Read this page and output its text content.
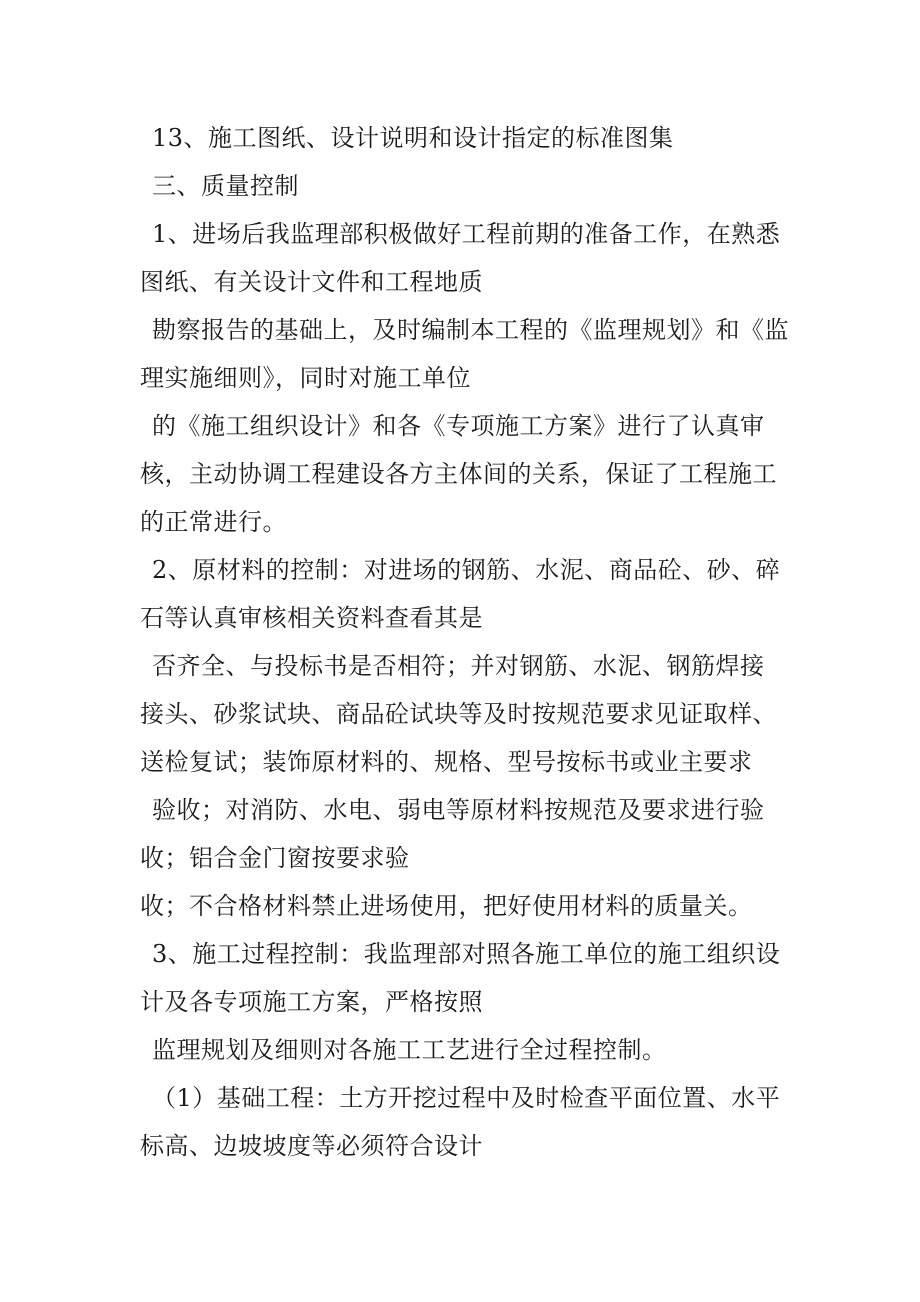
13、施工图纸、设计说明和设计指定的标准图集
三、质量控制
1、进场后我监理部积极做好工程前期的准备工作，在熟悉
图纸、有关设计文件和工程地质
勘察报告的基础上，及时编制本工程的《监理规划》和《监
理实施细则》，同时对施工单位
的《施工组织设计》和各《专项施工方案》进行了认真审
核，主动协调工程建设各方主体间的关系，保证了工程施工
的正常进行。
2、原材料的控制：对进场的钢筋、水泥、商品砼、砂、碎
石等认真审核相关资料查看其是
否齐全、与投标书是否相符；并对钢筋、水泥、钢筋焊接
接头、砂浆试块、商品砼试块等及时按规范要求见证取样、
送检复试；装饰原材料的、规格、型号按标书或业主要求
验收；对消防、水电、弱电等原材料按规范及要求进行验
收；铝合金门窗按要求验
收；不合格材料禁止进场使用，把好使用材料的质量关。
3、施工过程控制：我监理部对照各施工单位的施工组织设
计及各专项施工方案，严格按照
监理规划及细则对各施工工艺进行全过程控制。
（1）基础工程：土方开挖过程中及时检查平面位置、水平
标高、边坡坡度等必须符合设计
